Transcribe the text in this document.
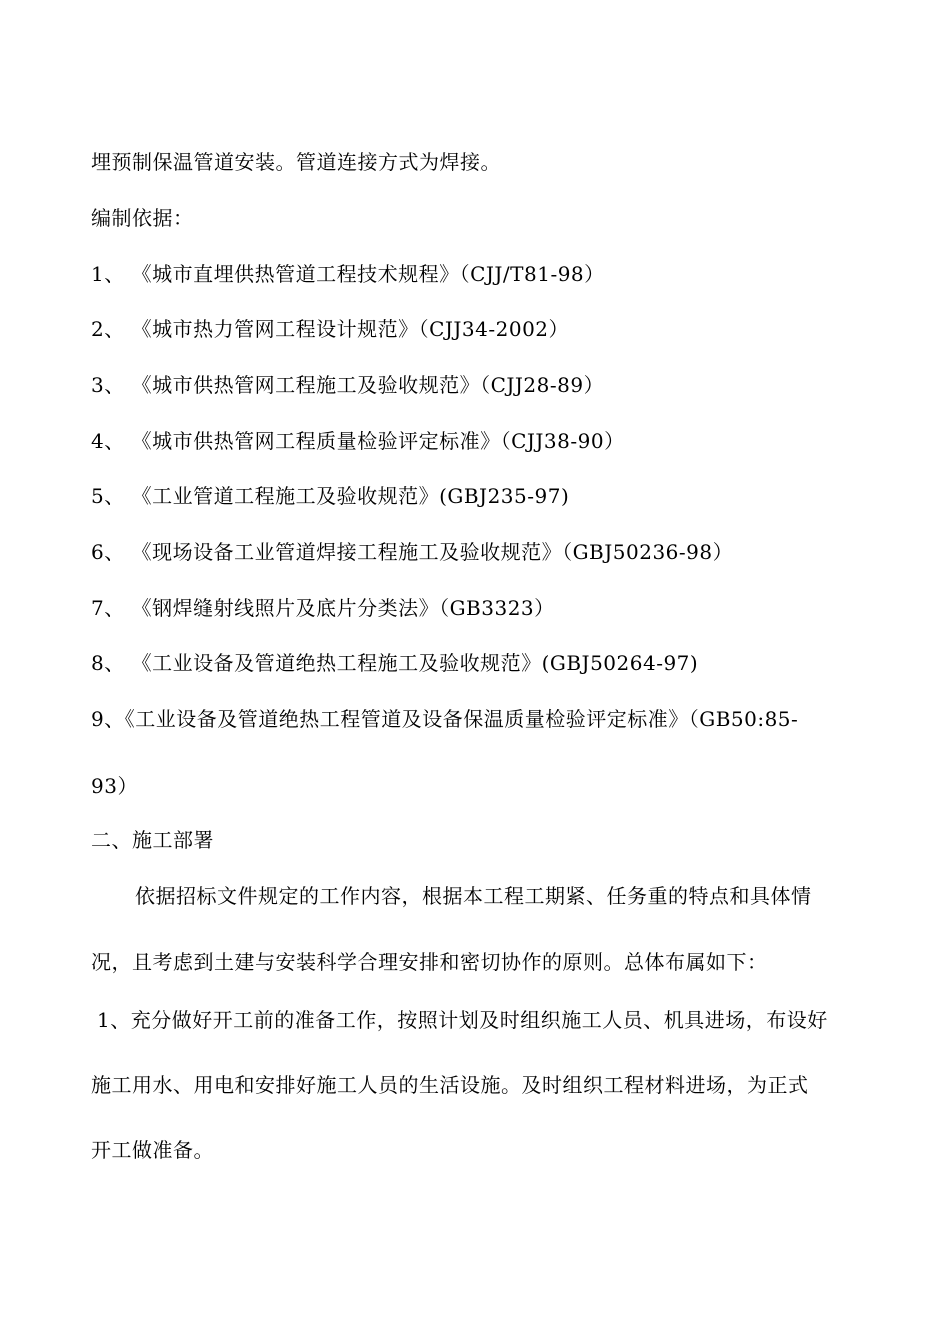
埋预制保温管道安装。管道连接方式为焊接。
编制依据：
1、 《城市直埋供热管道工程技术规程》（CJJ/T81-98）
2、 《城市热力管网工程设计规范》（CJJ34-2002）
3、 《城市供热管网工程施工及验收规范》（CJJ28-89）
4、 《城市供热管网工程质量检验评定标准》（CJJ38-90）
5、 《工业管道工程施工及验收规范》(GBJ235-97)
6、 《现场设备工业管道焊接工程施工及验收规范》（GBJ50236-98）
7、 《钢焊缝射线照片及底片分类法》（GB3323）
8、 《工业设备及管道绝热工程施工及验收规范》(GBJ50264-97)
9、《工业设备及管道绝热工程管道及设备保温质量检验评定标准》（GB50:85-
93）
二、施工部署
依据招标文件规定的工作内容，根据本工程工期紧、任务重的特点和具体情
况，且考虑到土建与安装科学合理安排和密切协作的原则。总体布属如下：
1、充分做好开工前的准备工作，按照计划及时组织施工人员、机具进场，布设好
施工用水、用电和安排好施工人员的生活设施。及时组织工程材料进场，为正式
开工做准备。
